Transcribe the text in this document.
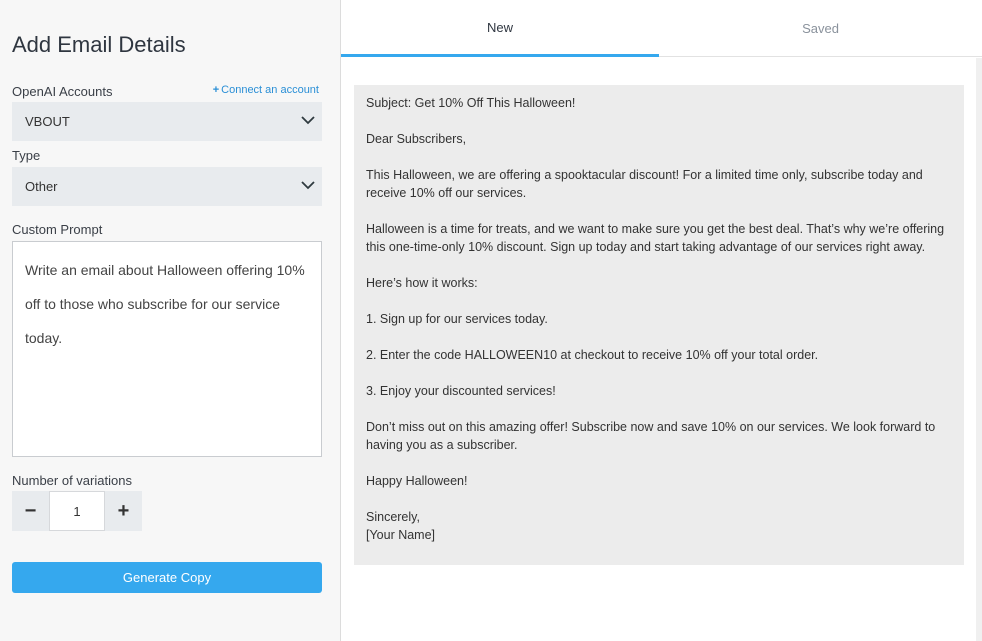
Add Email Details
OpenAI Accounts	+ Connect an account
VBOUT
Type
Other
Custom Prompt
Write an email about Halloween offering 10% off to those who subscribe for our service today.
Number of variations
−	1	+
Generate Copy
New	Saved

Subject: Get 10% Off This Halloween!

Dear Subscribers,

This Halloween, we are offering a spooktacular discount! For a limited time only, subscribe today and receive 10% off our services.

Halloween is a time for treats, and we want to make sure you get the best deal. That’s why we’re offering this one-time-only 10% discount. Sign up today and start taking advantage of our services right away.

Here’s how it works:

1. Sign up for our services today.

2. Enter the code HALLOWEEN10 at checkout to receive 10% off your total order.

3. Enjoy your discounted services!

Don’t miss out on this amazing offer! Subscribe now and save 10% on our services. We look forward to having you as a subscriber.

Happy Halloween!

Sincerely,

[Your Name]
